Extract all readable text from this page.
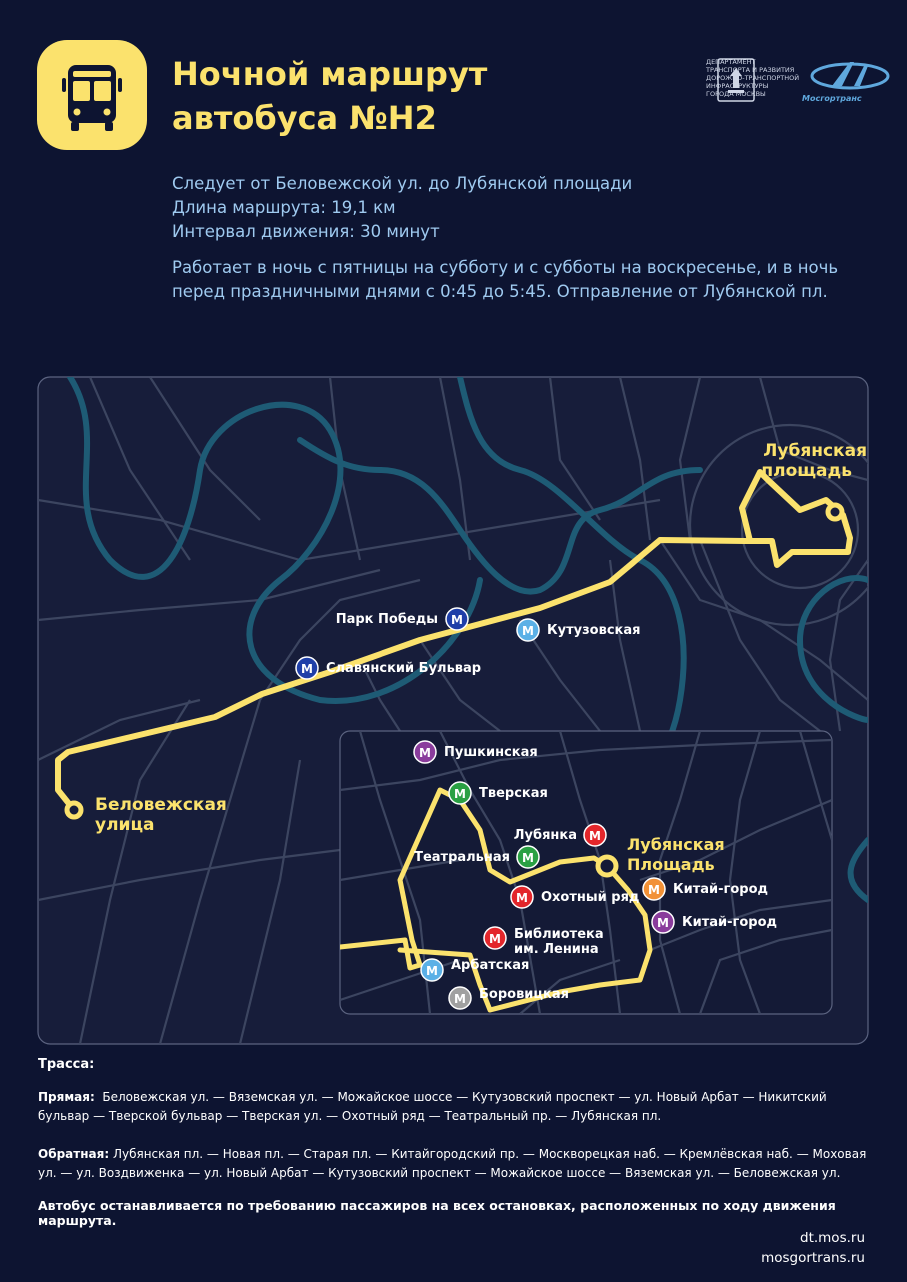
Ночной маршрут
автобуса №Н2
ДЕПАРТАМЕНТ
ТРАНСПОРТА И РАЗВИТИЯ
ДОРОЖНО-ТРАНСПОРТНОЙ
ИНФРАСТРУКТУРЫ
ГОРОДА МОСКВЫ	Мосгортранс

Следует от Беловежской ул. до Лубянской площади

Длина маршрута: 19,1 км

Интервал движения: 30 минут

Работает в ночь с пятницы на субботу и с субботы на воскресенье, и в ночь перед праздничными днями с 0:45 до 5:45. Отправление от Лубянской пл.

Беловежская
улица
Лубянская
площадь
М
Парк Победы
М Кутузовская
М Славянский Бульвар
Лубянская
Площадь
М Пушкинская
М Тверская
М
Лубянка
М
Театральная
М Охотный ряд М Китай-город
М Китай-город
М Библиотека
им. Ленина
М Арбатская
М Боровицкая

Трасса:

Прямая: Беловежская ул. — Вяземская ул. — Можайское шоссе — Кутузовский проспект — ул. Новый Арбат — Никитский бульвар — Тверской бульвар — Тверская ул. — Охотный ряд — Театральный пр. — Лубянская пл.

Обратная: Лубянская пл. — Новая пл. — Старая пл. — Китайгородский пр. — Москворецкая наб. — Кремлёвская наб. — Моховая ул. — ул. Воздвиженка — ул. Новый Арбат — Кутузовский проспект — Можайское шоссе — Вяземская ул. — Беловежская ул.

Автобус останавливается по требованию пассажиров на всех остановках, расположенных по ходу движения маршрута.
dt.mos.ru
mosgortrans.ru
